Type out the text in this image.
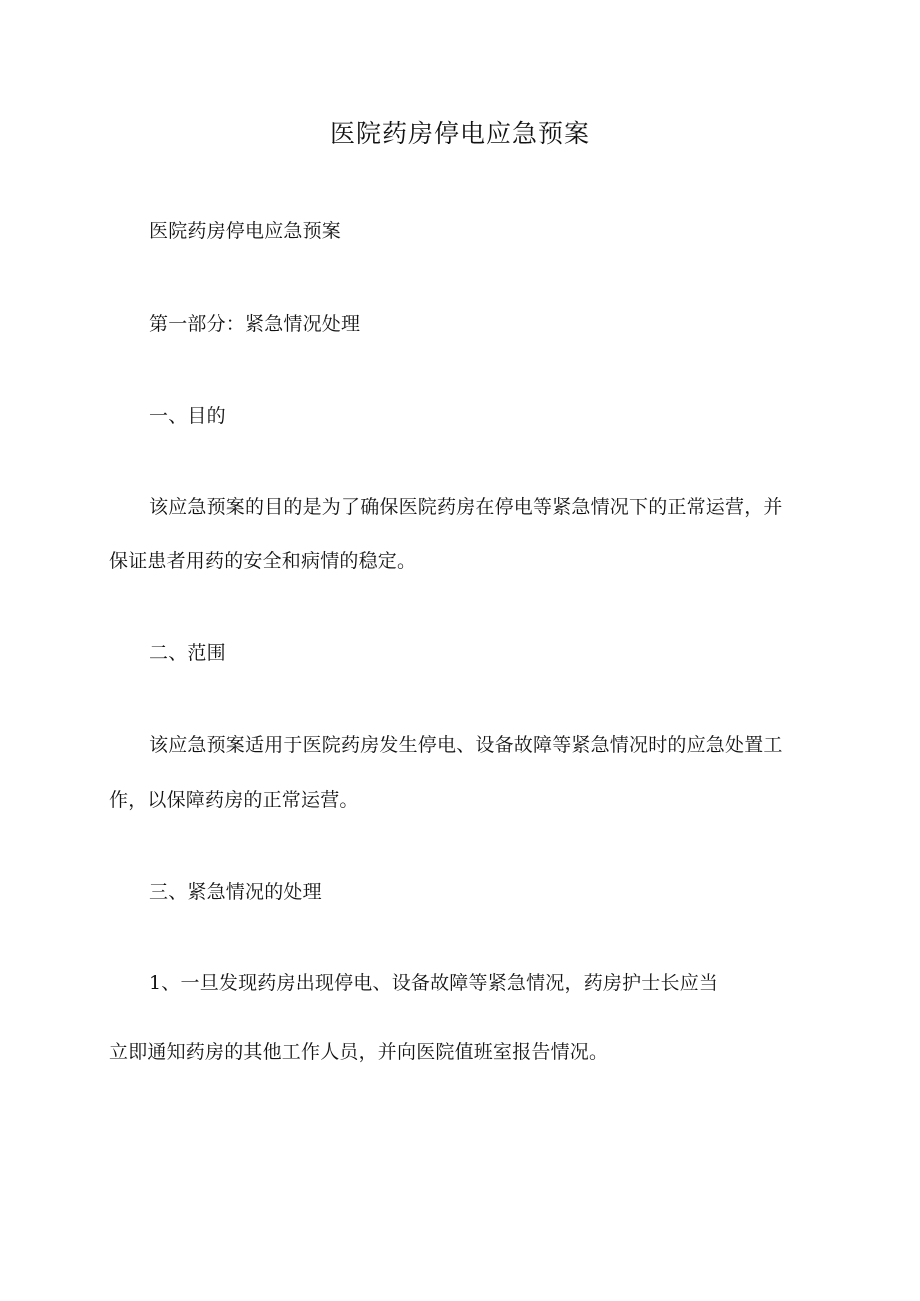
医院药房停电应急预案
医院药房停电应急预案
第一部分：紧急情况处理
一、目的
该应急预案的目的是为了确保医院药房在停电等紧急情况下的正常运营，并
保证患者用药的安全和病情的稳定。
二、范围
该应急预案适用于医院药房发生停电、设备故障等紧急情况时的应急处置工
作，以保障药房的正常运营。
三、紧急情况的处理
1、一旦发现药房出现停电、设备故障等紧急情况，药房护士长应当
立即通知药房的其他工作人员，并向医院值班室报告情况。
